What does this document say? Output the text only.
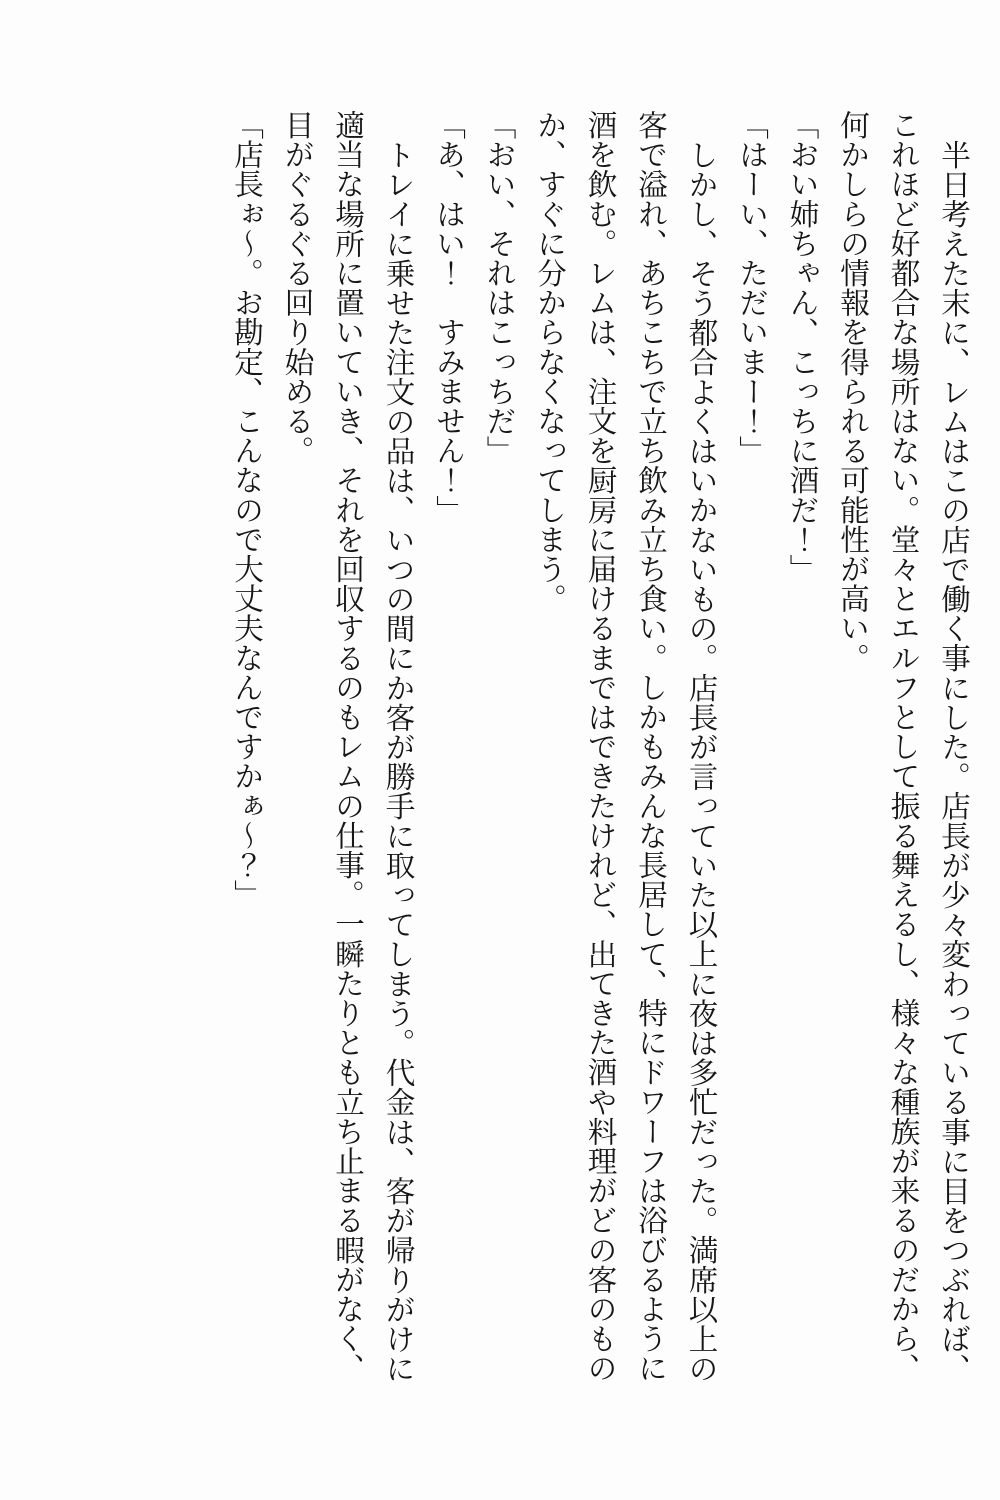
半日考えた末に、レムはこの店で働く事にした。店長が少々変わっている事に目をつぶれば、これほど好都合な場所はない。堂々とエルフとして振る舞えるし、様々な種族が来るのだから、何かしらの情報を得られる可能性が高い。

「おい姉ちゃん、こっちに酒だ！」

「はーい、ただいまー！」

しかし、そう都合よくはいかないもの。店長が言っていた以上に夜は多忙だった。満席以上の客で溢れ、あちこちで立ち飲み立ち食い。しかもみんな長居して、特にドワーフは浴びるように酒を飲む。レムは、注文を厨房に届けるまではできたけれど、出てきた酒や料理がどの客のものか、すぐに分からなくなってしまう。

「おい、それはこっちだ」

「あ、はい！　すみません！」

トレイに乗せた注文の品は、いつの間にか客が勝手に取ってしまう。代金は、客が帰りがけに適当な場所に置いていき、それを回収するのもレムの仕事。一瞬たりとも立ち止まる暇がなく、目がぐるぐる回り始める。

「店長ぉ〜。お勘定、こんなので大丈夫なんですかぁ〜？」
